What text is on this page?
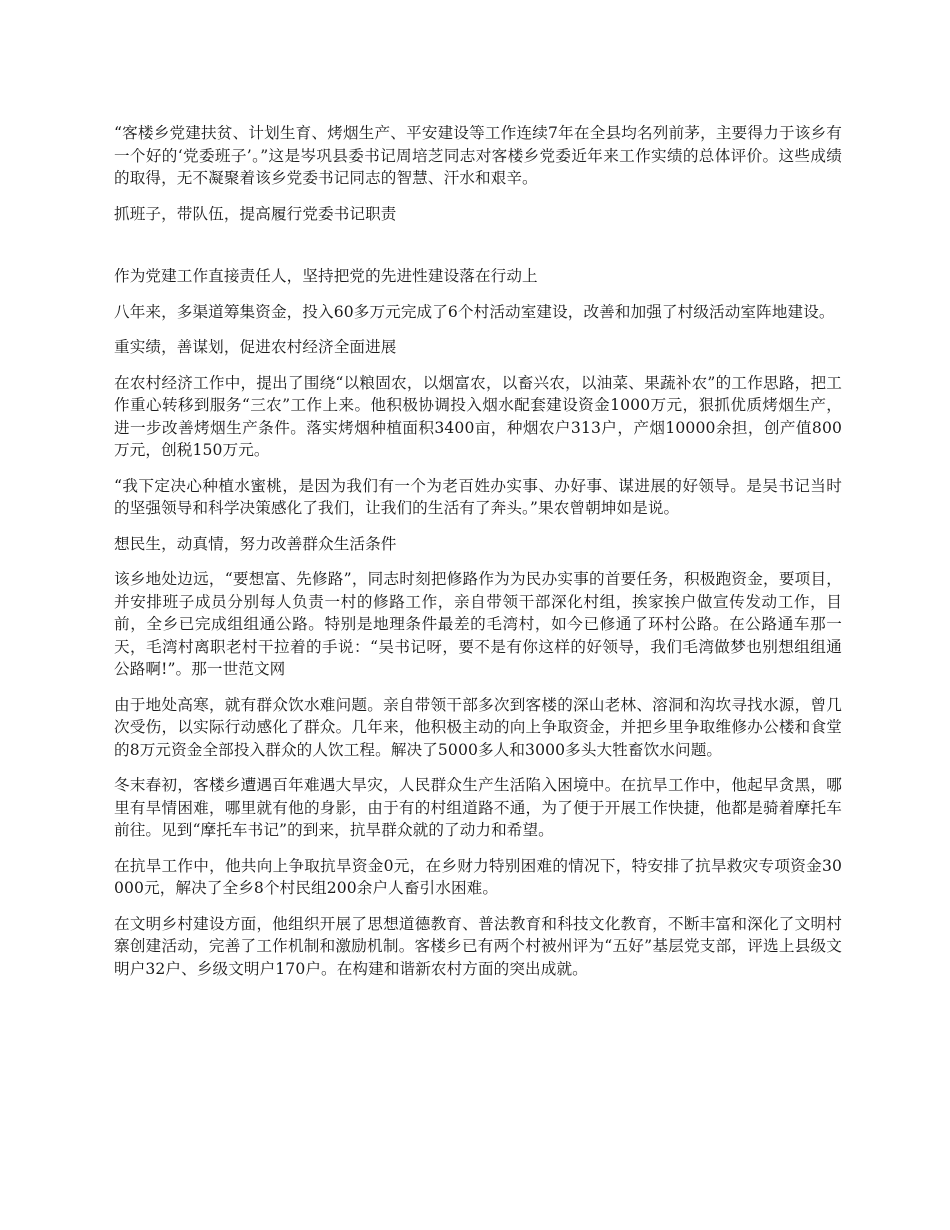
“客楼乡党建扶贫、计划生育、烤烟生产、平安建设等工作连续7年在全县均名列前茅，主要得力于该乡有一个好的‘党委班子’。”这是岑巩县委书记周培芝同志对客楼乡党委近年来工作实绩的总体评价。这些成绩的取得，无不凝聚着该乡党委书记同志的智慧、汗水和艰辛。

抓班子，带队伍，提高履行党委书记职责

作为党建工作直接责任人，坚持把党的先进性建设落在行动上

八年来，多渠道筹集资金，投入60多万元完成了6个村活动室建设，改善和加强了村级活动室阵地建设。

重实绩，善谋划，促进农村经济全面进展

在农村经济工作中，提出了围绕“以粮固农，以烟富农，以畜兴农，以油菜、果蔬补农”的工作思路，把工作重心转移到服务“三农”工作上来。他积极协调投入烟水配套建设资金1000万元，狠抓优质烤烟生产，进一步改善烤烟生产条件。落实烤烟种植面积3400亩，种烟农户313户，产烟10000余担，创产值800万元，创税150万元。

“我下定决心种植水蜜桃，是因为我们有一个为老百姓办实事、办好事、谋进展的好领导。是吴书记当时的坚强领导和科学决策感化了我们，让我们的生活有了奔头。”果农曾朝坤如是说。

想民生，动真情，努力改善群众生活条件

该乡地处边远，“要想富、先修路”，同志时刻把修路作为为民办实事的首要任务，积极跑资金，要项目，并安排班子成员分别每人负责一村的修路工作，亲自带领干部深化村组，挨家挨户做宣传发动工作，目前，全乡已完成组组通公路。特别是地理条件最差的毛湾村，如今已修通了环村公路。在公路通车那一天，毛湾村离职老村干拉着的手说：“吴书记呀，要不是有你这样的好领导，我们毛湾做梦也别想组组通公路啊!”。那一世范文网

由于地处高寒，就有群众饮水难问题。亲自带领干部多次到客楼的深山老林、溶洞和沟坎寻找水源，曾几次受伤，以实际行动感化了群众。几年来，他积极主动的向上争取资金，并把乡里争取维修办公楼和食堂的8万元资金全部投入群众的人饮工程。解决了5000多人和3000多头大牲畜饮水问题。

冬末春初，客楼乡遭遇百年难遇大旱灾，人民群众生产生活陷入困境中。在抗旱工作中，他起早贪黑，哪里有旱情困难，哪里就有他的身影，由于有的村组道路不通，为了便于开展工作快捷，他都是骑着摩托车前往。见到“摩托车书记”的到来，抗旱群众就的了动力和希望。

在抗旱工作中，他共向上争取抗旱资金0元，在乡财力特别困难的情况下，特安排了抗旱救灾专项资金30000元，解决了全乡8个村民组200余户人畜引水困难。

在文明乡村建设方面，他组织开展了思想道德教育、普法教育和科技文化教育，不断丰富和深化了文明村寨创建活动，完善了工作机制和激励机制。客楼乡已有两个村被州评为“五好”基层党支部，评选上县级文明户32户、乡级文明户170户。在构建和谐新农村方面的突出成就。
